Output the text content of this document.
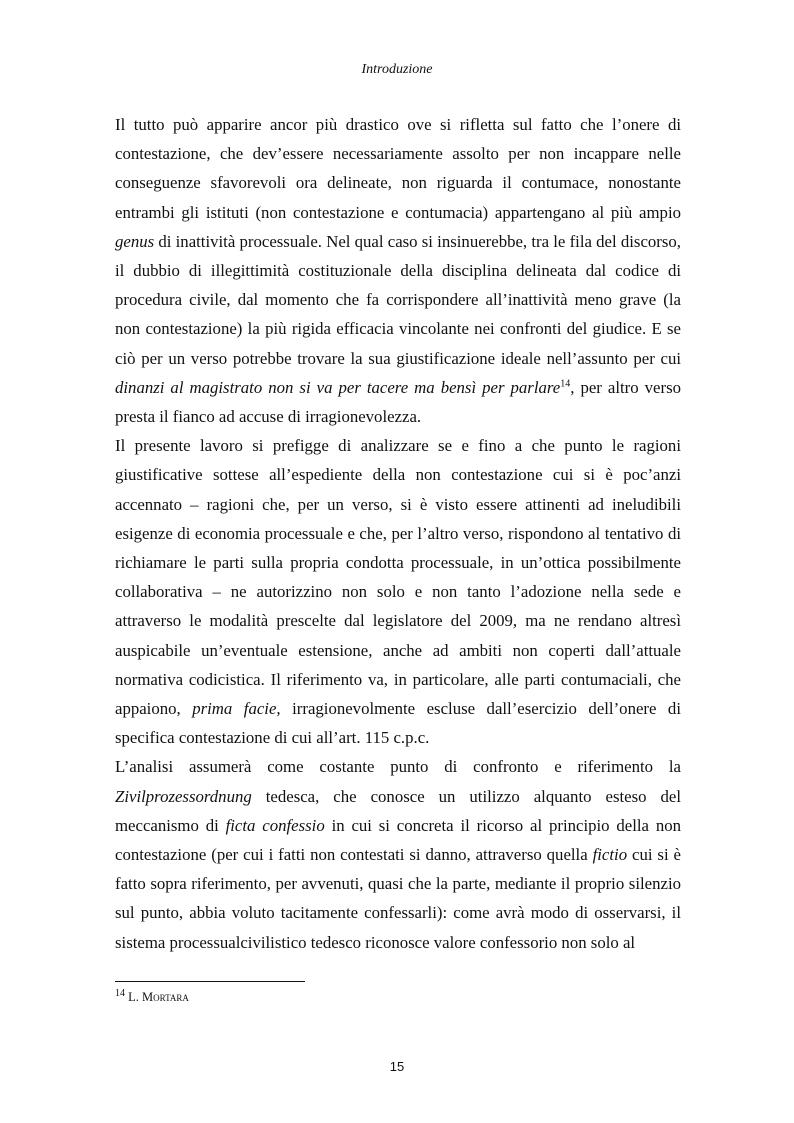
Introduzione

Il tutto può apparire ancor più drastico ove si rifletta sul fatto che l’onere di contestazione, che dev’essere necessariamente assolto per non incappare nelle conseguenze sfavorevoli ora delineate, non riguarda il contumace, nonostante entrambi gli istituti (non contestazione e contumacia) appartengano al più ampio genus di inattività processuale. Nel qual caso si insinuerebbe, tra le fila del discorso, il dubbio di illegittimità costituzionale della disciplina delineata dal codice di procedura civile, dal momento che fa corrispondere all’inattività meno grave (la non contestazione) la più rigida efficacia vincolante nei confronti del giudice. E se ciò per un verso potrebbe trovare la sua giustificazione ideale nell’assunto per cui dinanzi al magistrato non si va per tacere ma bensì per parlare$^{14}$, per altro verso presta il fianco ad accuse di irragionevolezza.

Il presente lavoro si prefigge di analizzare se e fino a che punto le ragioni giustificative sottese all’espediente della non contestazione cui si è poc’anzi accennato – ragioni che, per un verso, si è visto essere attinenti ad ineludibili esigenze di economia processuale e che, per l’altro verso, rispondono al tentativo di richiamare le parti sulla propria condotta processuale, in un’ottica possibilmente collaborativa – ne autorizzino non solo e non tanto l’adozione nella sede e attraverso le modalità prescelte dal legislatore del 2009, ma ne rendano altresì auspicabile un’eventuale estensione, anche ad ambiti non coperti dall’attuale normativa codicistica. Il riferimento va, in particolare, alle parti contumaciali, che appaiono, prima facie, irragionevolmente escluse dall’esercizio dell’onere di specifica contestazione di cui all’art. 115 c.p.c.

L’analisi assumerà come costante punto di confronto e riferimento la Zivilprozessordnung tedesca, che conosce un utilizzo alquanto esteso del meccanismo di ficta confessio in cui si concreta il ricorso al principio della non contestazione (per cui i fatti non contestati si danno, attraverso quella fictio cui si è fatto sopra riferimento, per avvenuti, quasi che la parte, mediante il proprio silenzio sul punto, abbia voluto tacitamente confessarli): come avrà modo di osservarsi, il sistema processualcivilistico tedesco riconosce valore confessorio non solo al

$^{14}$ L. Mortara
15
